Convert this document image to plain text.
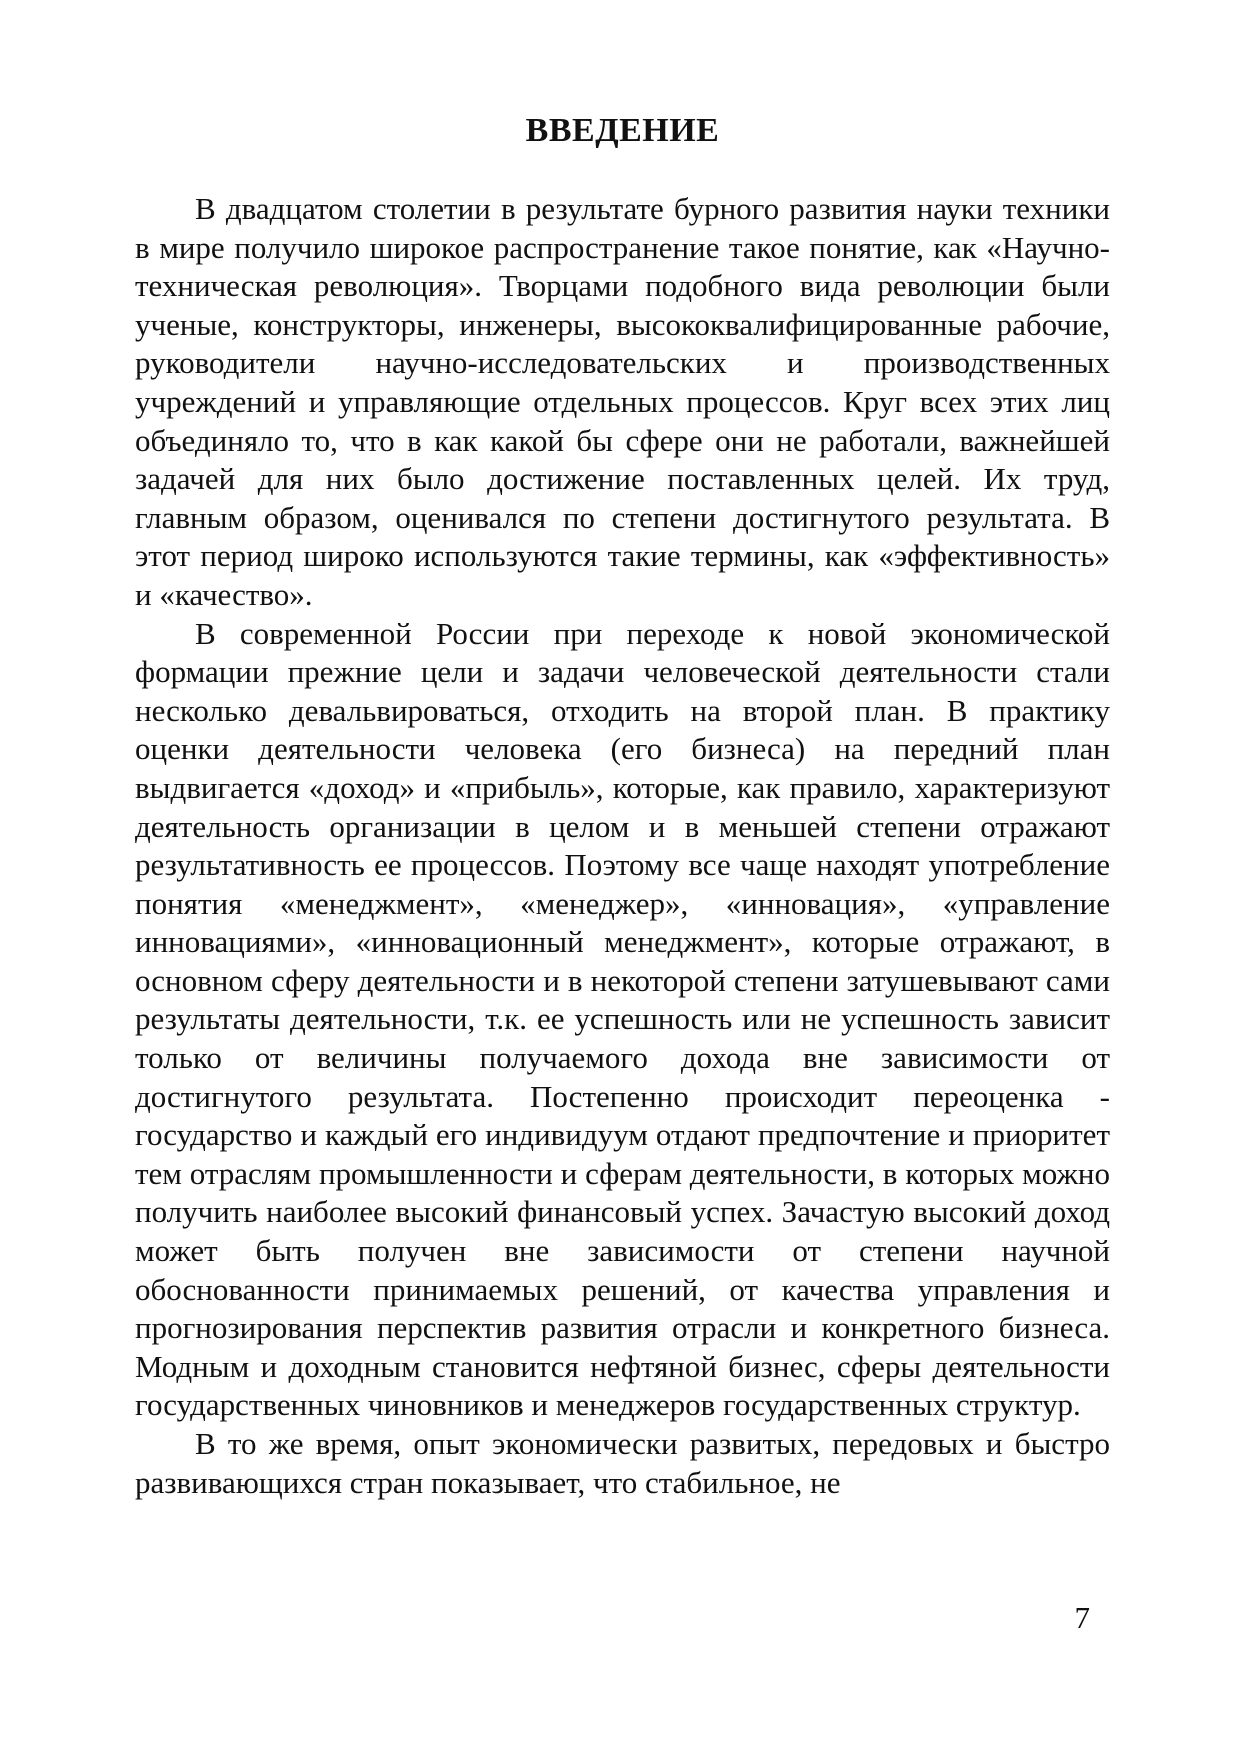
ВВЕДЕНИЕ

В двадцатом столетии в результате бурного развития науки техники в мире получило широкое распространение такое понятие, как «Научно-техническая революция». Творцами подобного вида революции были ученые, конструкторы, инженеры, высококвалифицированные рабочие, руководители научно-исследовательских и производственных учреждений и управляющие отдельных процессов. Круг всех этих лиц объединяло то, что в как какой бы сфере они не работали, важнейшей задачей для них было достижение поставленных целей. Их труд, главным образом, оценивался по степени достигнутого результата. В этот период широко используются такие термины, как «эффективность» и «качество».

В современной России при переходе к новой экономической формации прежние цели и задачи человеческой деятельности стали несколько девальвироваться, отходить на второй план. В практику оценки деятельности человека (его бизнеса) на передний план выдвигается «доход» и «прибыль», которые, как правило, характеризуют деятельность организации в целом и в меньшей степени отражают результативность ее процессов. Поэтому все чаще находят употребление понятия «менеджмент», «менеджер», «инновация», «управление инновациями», «инновационный менеджмент», которые отражают, в основном сферу деятельности и в некоторой степени затушевывают сами результаты деятельности, т.к. ее успешность или не успешность зависит только от величины получаемого дохода вне зависимости от достигнутого результата. Постепенно происходит переоценка - государство и каждый его индивидуум отдают предпочтение и приоритет тем отраслям промышленности и сферам деятельности, в которых можно получить наиболее высокий финансовый успех. Зачастую высокий доход может быть получен вне зависимости от степени научной обоснованности принимаемых решений, от качества управления и прогнозирования перспектив развития отрасли и конкретного бизнеса. Модным и доходным становится нефтяной бизнес, сферы деятельности государственных чиновников и менеджеров государственных структур.

В то же время, опыт экономически развитых, передовых и быстро развивающихся стран показывает, что стабильное, не

7
